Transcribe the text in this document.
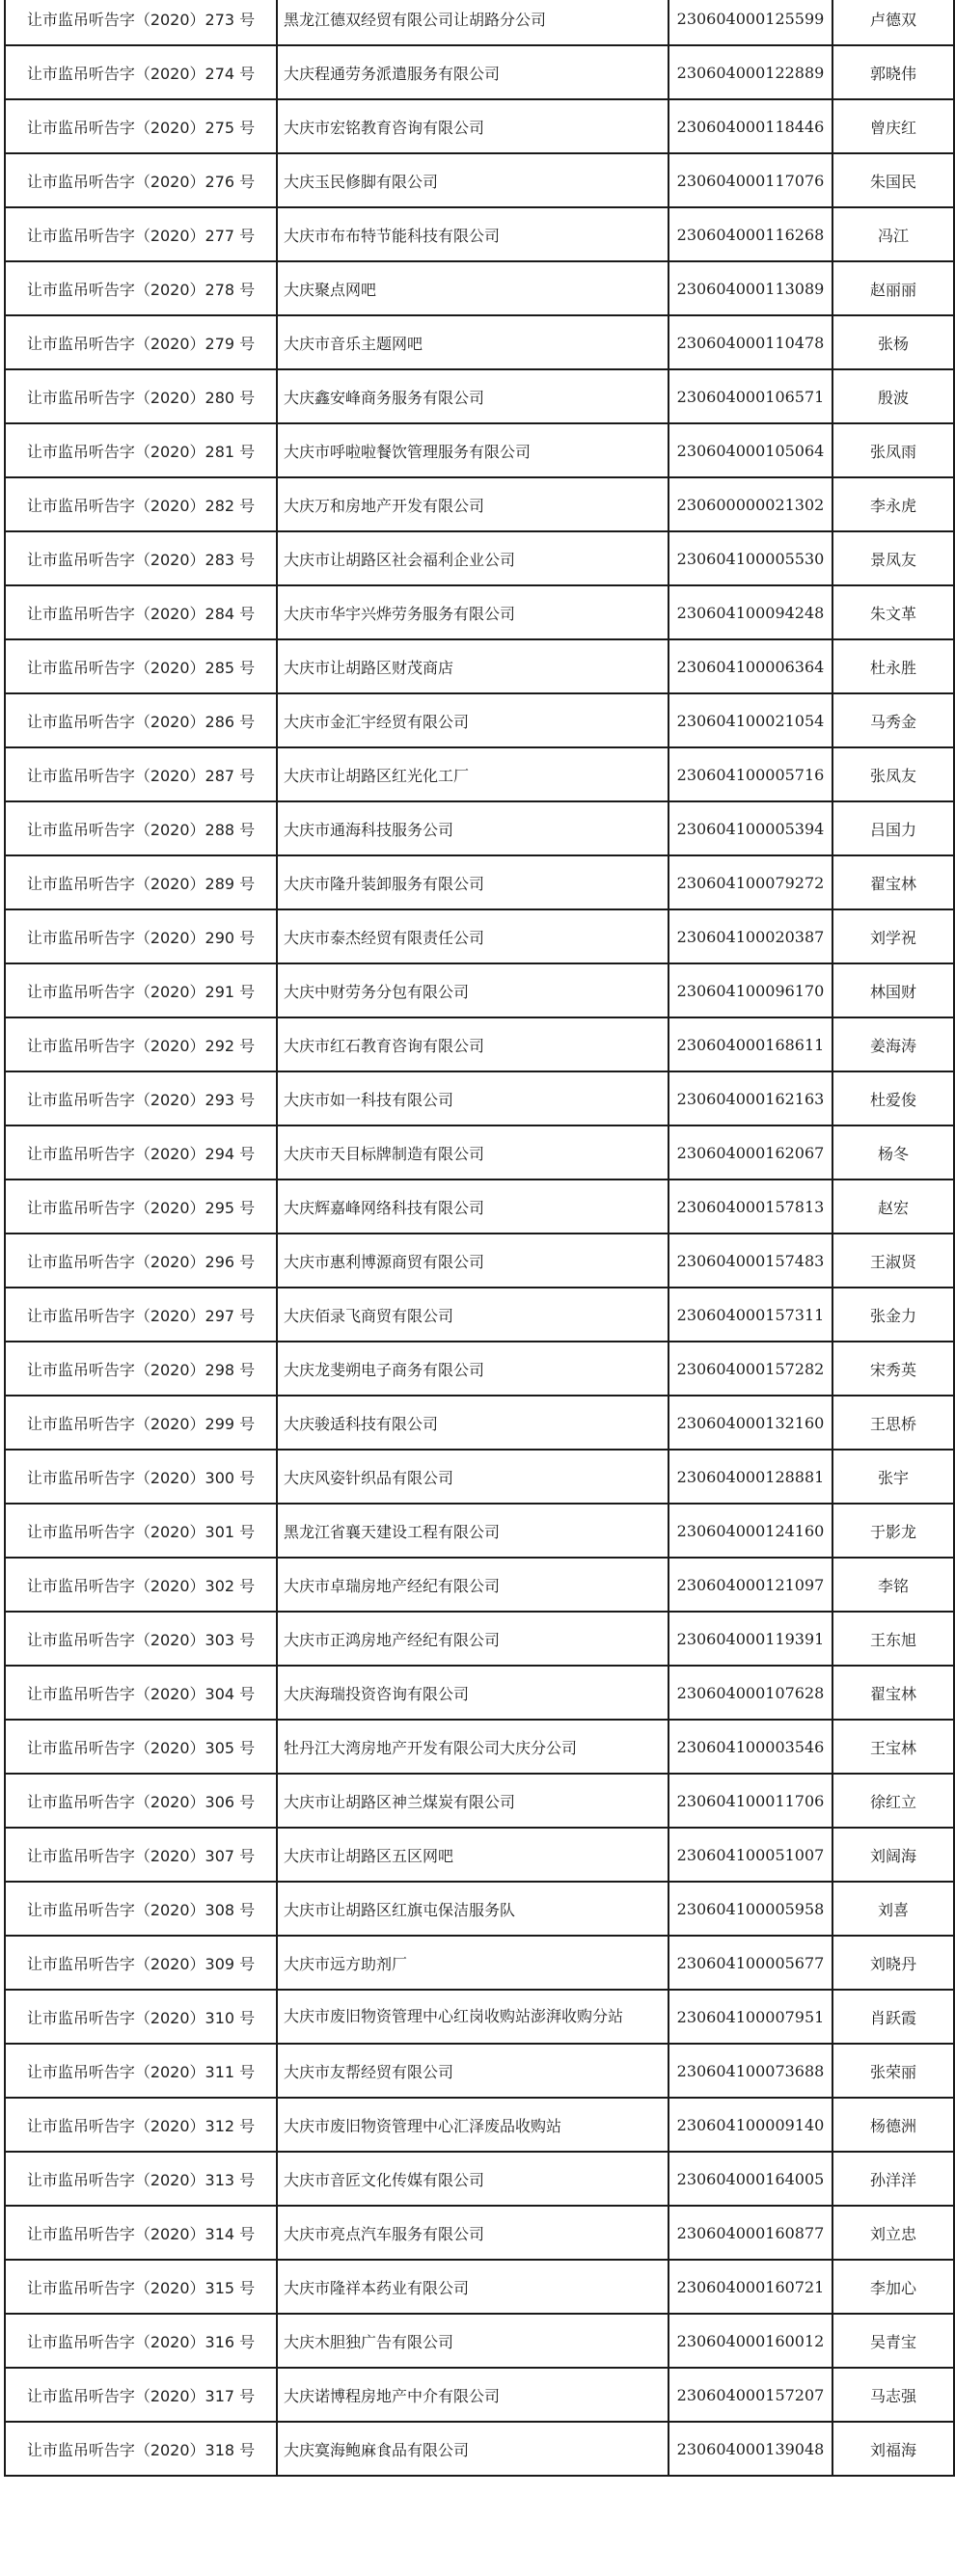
让市监吊听告字（2020）273 号	黑龙江德双经贸有限公司让胡路分公司	230604000125599	卢德双
让市监吊听告字（2020）274 号	大庆程通劳务派遣服务有限公司	230604000122889	郭晓伟
让市监吊听告字（2020）275 号	大庆市宏铭教育咨询有限公司	230604000118446	曾庆红
让市监吊听告字（2020）276 号	大庆玉民修脚有限公司	230604000117076	朱国民
让市监吊听告字（2020）277 号	大庆市布布特节能科技有限公司	230604000116268	冯江
让市监吊听告字（2020）278 号	大庆聚点网吧	230604000113089	赵丽丽
让市监吊听告字（2020）279 号	大庆市音乐主题网吧	230604000110478	张杨
让市监吊听告字（2020）280 号	大庆鑫安峰商务服务有限公司	230604000106571	殷波
让市监吊听告字（2020）281 号	大庆市呼啦啦餐饮管理服务有限公司	230604000105064	张凤雨
让市监吊听告字（2020）282 号	大庆万和房地产开发有限公司	230600000021302	李永虎
让市监吊听告字（2020）283 号	大庆市让胡路区社会福利企业公司	230604100005530	景凤友
让市监吊听告字（2020）284 号	大庆市华宇兴烨劳务服务有限公司	230604100094248	朱文革
让市监吊听告字（2020）285 号	大庆市让胡路区财茂商店	230604100006364	杜永胜
让市监吊听告字（2020）286 号	大庆市金汇宇经贸有限公司	230604100021054	马秀金
让市监吊听告字（2020）287 号	大庆市让胡路区红光化工厂	230604100005716	张凤友
让市监吊听告字（2020）288 号	大庆市通海科技服务公司	230604100005394	吕国力
让市监吊听告字（2020）289 号	大庆市隆升装卸服务有限公司	230604100079272	翟宝林
让市监吊听告字（2020）290 号	大庆市泰杰经贸有限责任公司	230604100020387	刘学祝
让市监吊听告字（2020）291 号	大庆中财劳务分包有限公司	230604100096170	林国财
让市监吊听告字（2020）292 号	大庆市红石教育咨询有限公司	230604000168611	姜海涛
让市监吊听告字（2020）293 号	大庆市如一科技有限公司	230604000162163	杜爱俊
让市监吊听告字（2020）294 号	大庆市天目标牌制造有限公司	230604000162067	杨冬
让市监吊听告字（2020）295 号	大庆辉嘉峰网络科技有限公司	230604000157813	赵宏
让市监吊听告字（2020）296 号	大庆市惠利博源商贸有限公司	230604000157483	王淑贤
让市监吊听告字（2020）297 号	大庆佰录飞商贸有限公司	230604000157311	张金力
让市监吊听告字（2020）298 号	大庆龙斐朔电子商务有限公司	230604000157282	宋秀英
让市监吊听告字（2020）299 号	大庆骏适科技有限公司	230604000132160	王思桥
让市监吊听告字（2020）300 号	大庆风姿针织品有限公司	230604000128881	张宇
让市监吊听告字（2020）301 号	黑龙江省襄天建设工程有限公司	230604000124160	于影龙
让市监吊听告字（2020）302 号	大庆市卓瑞房地产经纪有限公司	230604000121097	李铭
让市监吊听告字（2020）303 号	大庆市正鸿房地产经纪有限公司	230604000119391	王东旭
让市监吊听告字（2020）304 号	大庆海瑞投资咨询有限公司	230604000107628	翟宝林
让市监吊听告字（2020）305 号	牡丹江大湾房地产开发有限公司大庆分公司	230604100003546	王宝林
让市监吊听告字（2020）306 号	大庆市让胡路区神兰煤炭有限公司	230604100011706	徐红立
让市监吊听告字（2020）307 号	大庆市让胡路区五区网吧	230604100051007	刘阔海
让市监吊听告字（2020）308 号	大庆市让胡路区红旗屯保洁服务队	230604100005958	刘喜
让市监吊听告字（2020）309 号	大庆市远方助剂厂	230604100005677	刘晓丹
让市监吊听告字（2020）310 号	大庆市废旧物资管理中心红岗收购站澎湃收购分站	230604100007951	肖跃霞
让市监吊听告字（2020）311 号	大庆市友帮经贸有限公司	230604100073688	张荣丽
让市监吊听告字（2020）312 号	大庆市废旧物资管理中心汇泽废品收购站	230604100009140	杨德洲
让市监吊听告字（2020）313 号	大庆市音匠文化传媒有限公司	230604000164005	孙洋洋
让市监吊听告字（2020）314 号	大庆市亮点汽车服务有限公司	230604000160877	刘立忠
让市监吊听告字（2020）315 号	大庆市隆祥本药业有限公司	230604000160721	李加心
让市监吊听告字（2020）316 号	大庆木胆独广告有限公司	230604000160012	吴青宝
让市监吊听告字（2020）317 号	大庆诺博程房地产中介有限公司	230604000157207	马志强
让市监吊听告字（2020）318 号	大庆寞海鲍麻食品有限公司	230604000139048	刘福海
